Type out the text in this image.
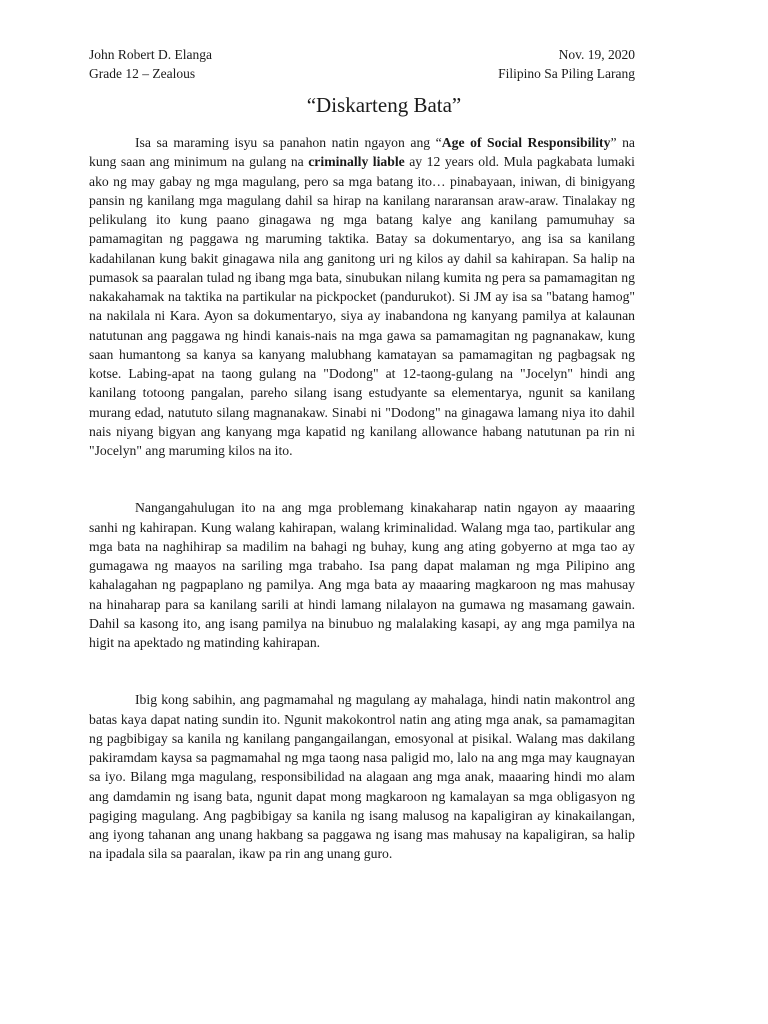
John Robert D. Elanga	Nov. 19, 2020
Grade 12 – Zealous	Filipino Sa Piling Larang
“Diskarteng Bata”

Isa sa maraming isyu sa panahon natin ngayon ang “Age of Social Responsibility” na kung saan ang minimum na gulang na criminally liable ay 12 years old. Mula pagkabata lumaki ako ng may gabay ng mga magulang, pero sa mga batang ito… pinabayaan, iniwan, di binigyang pansin ng kanilang mga magulang dahil sa hirap na kanilang nararansan araw-araw. Tinalakay ng pelikulang ito kung paano ginagawa ng mga batang kalye ang kanilang pamumuhay sa pamamagitan ng paggawa ng maruming taktika. Batay sa dokumentaryo, ang isa sa kanilang kadahilanan kung bakit ginagawa nila ang ganitong uri ng kilos ay dahil sa kahirapan. Sa halip na pumasok sa paaralan tulad ng ibang mga bata, sinubukan nilang kumita ng pera sa pamamagitan ng nakakahamak na taktika na partikular na pickpocket (pandurukot). Si JM ay isa sa "batang hamog" na nakilala ni Kara. Ayon sa dokumentaryo, siya ay inabandona ng kanyang pamilya at kalaunan natutunan ang paggawa ng hindi kanais-nais na mga gawa sa pamamagitan ng pagnanakaw, kung saan humantong sa kanya sa kanyang malubhang kamatayan sa pamamagitan ng pagbagsak ng kotse. Labing-apat na taong gulang na "Dodong" at 12-taong-gulang na "Jocelyn" hindi ang kanilang totoong pangalan, pareho silang isang estudyante sa elementarya, ngunit sa kanilang murang edad, natututo silang magnanakaw. Sinabi ni "Dodong" na ginagawa lamang niya ito dahil nais niyang bigyan ang kanyang mga kapatid ng kanilang allowance habang natutunan pa rin ni "Jocelyn" ang maruming kilos na ito.

Nangangahulugan ito na ang mga problemang kinakaharap natin ngayon ay maaaring sanhi ng kahirapan. Kung walang kahirapan, walang kriminalidad. Walang mga tao, partikular ang mga bata na naghihirap sa madilim na bahagi ng buhay, kung ang ating gobyerno at mga tao ay gumagawa ng maayos na sariling mga trabaho. Isa pang dapat malaman ng mga Pilipino ang kahalagahan ng pagpaplano ng pamilya. Ang mga bata ay maaaring magkaroon ng mas mahusay na hinaharap para sa kanilang sarili at hindi lamang nilalayon na gumawa ng masamang gawain. Dahil sa kasong ito, ang isang pamilya na binubuo ng malalaking kasapi, ay ang mga pamilya na higit na apektado ng matinding kahirapan.

Ibig kong sabihin, ang pagmamahal ng magulang ay mahalaga, hindi natin makontrol ang batas kaya dapat nating sundin ito. Ngunit makokontrol natin ang ating mga anak, sa pamamagitan ng pagbibigay sa kanila ng kanilang pangangailangan, emosyonal at pisikal. Walang mas dakilang pakiramdam kaysa sa pagmamahal ng mga taong nasa paligid mo, lalo na ang mga may kaugnayan sa iyo. Bilang mga magulang, responsibilidad na alagaan ang mga anak, maaaring hindi mo alam ang damdamin ng isang bata, ngunit dapat mong magkaroon ng kamalayan sa mga obligasyon ng pagiging magulang. Ang pagbibigay sa kanila ng isang malusog na kapaligiran ay kinakailangan, ang iyong tahanan ang unang hakbang sa paggawa ng isang mas mahusay na kapaligiran, sa halip na ipadala sila sa paaralan, ikaw pa rin ang unang guro.
